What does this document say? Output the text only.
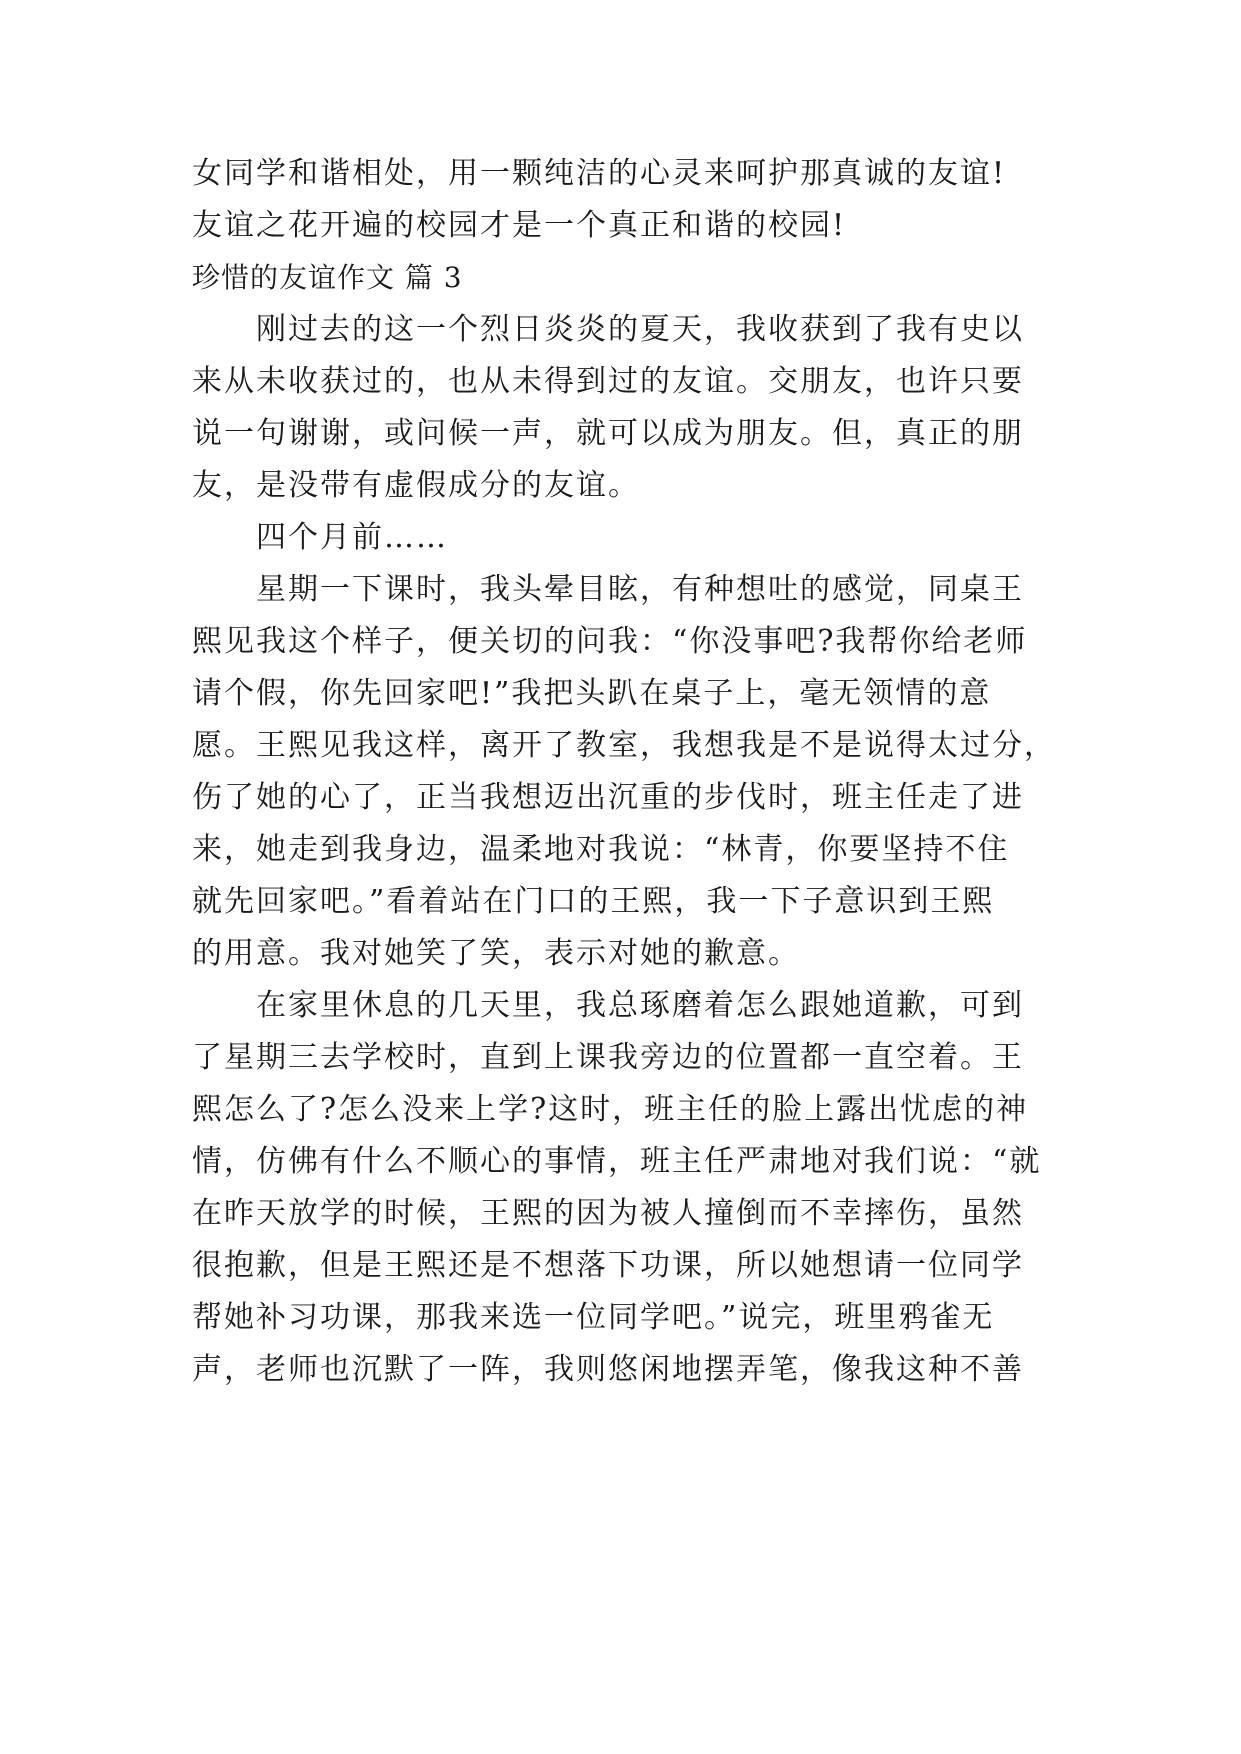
女同学和谐相处，用一颗纯洁的心灵来呵护那真诚的友谊!
友谊之花开遍的校园才是一个真正和谐的校园!
珍惜的友谊作文 篇 3
刚过去的这一个烈日炎炎的夏天，我收获到了我有史以
来从未收获过的，也从未得到过的友谊。交朋友，也许只要
说一句谢谢，或问候一声，就可以成为朋友。但，真正的朋
友，是没带有虚假成分的友谊。
四个月前……
星期一下课时，我头晕目眩，有种想吐的感觉，同桌王
熙见我这个样子，便关切的问我：“你没事吧?我帮你给老师
请个假，你先回家吧!”我把头趴在桌子上，毫无领情的意
愿。王熙见我这样，离开了教室，我想我是不是说得太过分，
伤了她的心了，正当我想迈出沉重的步伐时，班主任走了进
来，她走到我身边，温柔地对我说：“林青，你要坚持不住
就先回家吧。”看着站在门口的王熙，我一下子意识到王熙
的用意。我对她笑了笑，表示对她的歉意。
在家里休息的几天里，我总琢磨着怎么跟她道歉，可到
了星期三去学校时，直到上课我旁边的位置都一直空着。王
熙怎么了?怎么没来上学?这时，班主任的脸上露出忧虑的神
情，仿佛有什么不顺心的事情，班主任严肃地对我们说：“就
在昨天放学的时候，王熙的因为被人撞倒而不幸摔伤，虽然
很抱歉，但是王熙还是不想落下功课，所以她想请一位同学
帮她补习功课，那我来选一位同学吧。”说完，班里鸦雀无
声，老师也沉默了一阵，我则悠闲地摆弄笔，像我这种不善
